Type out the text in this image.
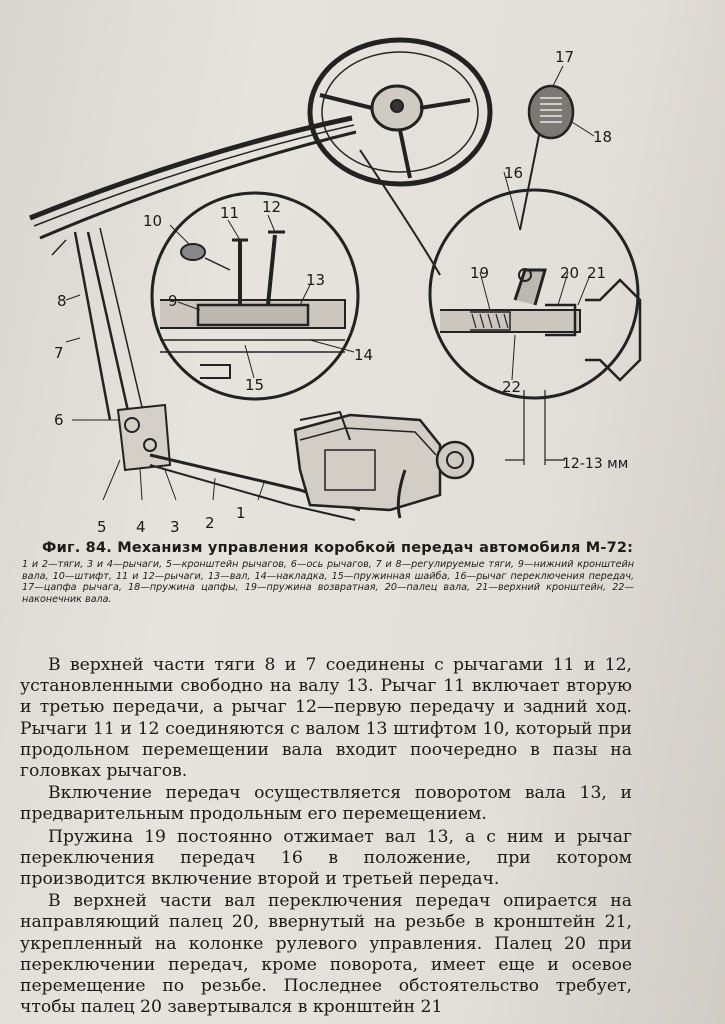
1
2
3
4
5
6
7
8	9
10	11 12
13
14
15
16
17
18
19	20 21
22
12-13 мм
Фиг. 84. Механизм управления коробкой передач автомобиля М-72:

1 и 2—тяги, 3 и 4—рычаги, 5—кронштейн рычагов, 6—ось рычагов, 7 и 8—регулируемые тяги, 9—нижний кронштейн вала, 10—штифт, 11 и 12—рычаги, 13—вал, 14—накладка, 15—пружинная шайба, 16—рычаг переключения передач, 17—цапфа рычага, 18—пружина цапфы, 19—пружина возвратная, 20—палец вала, 21—верхний кронштейн, 22—наконечник вала.

В верхней части тяги 8 и 7 соединены с рычагами 11 и 12, установленными свободно на валу 13. Рычаг 11 включает вторую и третью передачи, а рычаг 12—первую передачу и задний ход. Рычаги 11 и 12 соединяются с валом 13 штифтом 10, который при продольном перемещении вала входит поочередно в пазы на головках рычагов.

Включение передач осуществляется поворотом вала 13, и предварительным продольным его перемещением.

Пружина 19 постоянно отжимает вал 13, а с ним и рычаг переключения передач 16 в положение, при котором производится включение второй и третьей передач.

В верхней части вал переключения передач опирается на направляющий палец 20, ввернутый на резьбе в кронштейн 21, укрепленный на колонке рулевого управления. Палец 20 при переключении передач, кроме поворота, имеет еще и осевое перемещение по резьбе. Последнее обстоятельство требует, чтобы палец 20 завертывался в кронштейн 21
